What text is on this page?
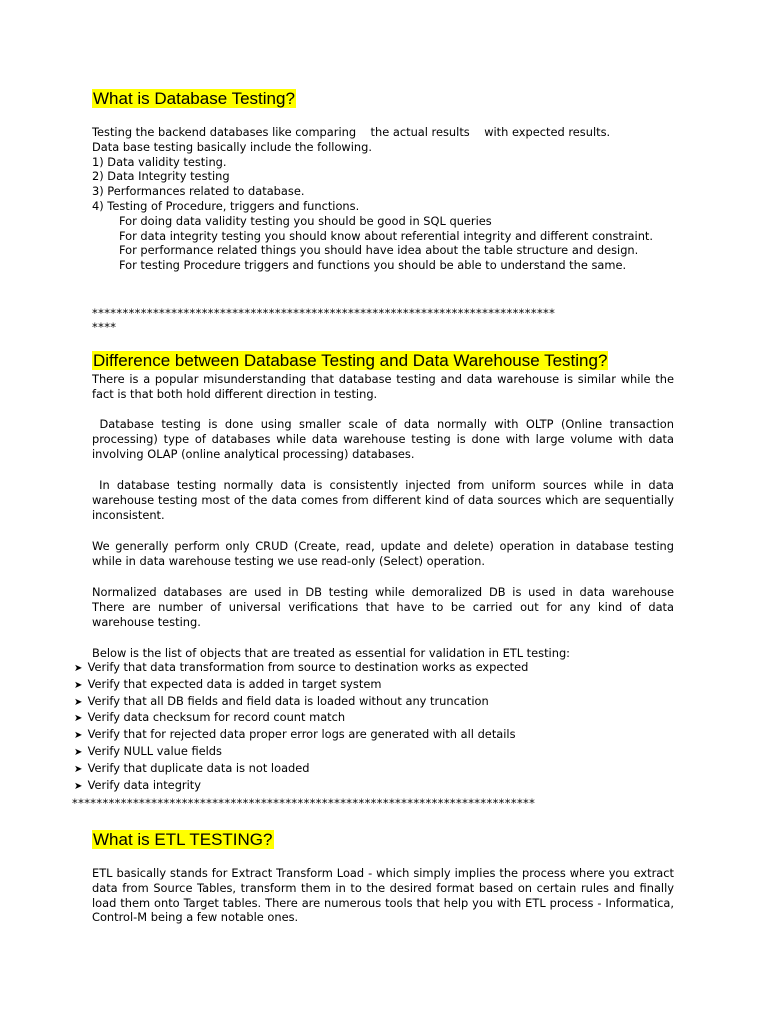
What is Database Testing?
Testing the backend databases like comparing    the actual results    with expected results.
Data base testing basically include the following.
1) Data validity testing.
2) Data Integrity testing
3) Performances related to database.
4) Testing of Procedure, triggers and functions.
For doing data validity testing you should be good in SQL queries
For data integrity testing you should know about referential integrity and different constraint.
For performance related things you should have idea about the table structure and design.
For testing Procedure triggers and functions you should be able to understand the same.
****************************************************************************
****
Difference between Database Testing and Data Warehouse Testing?
There is a popular misunderstanding that database testing and data warehouse is similar while the
fact is that both hold different direction in testing.
Database testing is done using smaller scale of data normally with OLTP (Online transaction
processing) type of databases while data warehouse testing is done with large volume with data
involving OLAP (online analytical processing) databases.
In database testing normally data is consistently injected from uniform sources while in data
warehouse testing most of the data comes from different kind of data sources which are sequentially
inconsistent.
We generally perform only CRUD (Create, read, update and delete) operation in database testing
while in data warehouse testing we use read-only (Select) operation.
Normalized databases are used in DB testing while demoralized DB is used in data warehouse
There are number of universal verifications that have to be carried out for any kind of data
warehouse testing.
Below is the list of objects that are treated as essential for validation in ETL testing:
➤ Verify that data transformation from source to destination works as expected
➤ Verify that expected data is added in target system
➤ Verify that all DB fields and field data is loaded without any truncation
➤ Verify data checksum for record count match
➤ Verify that for rejected data proper error logs are generated with all details
➤ Verify NULL value fields
➤ Verify that duplicate data is not loaded
➤ Verify data integrity
****************************************************************************
What is ETL TESTING?
ETL basically stands for Extract Transform Load - which simply implies the process where you extract
data from Source Tables, transform them in to the desired format based on certain rules and finally
load them onto Target tables. There are numerous tools that help you with ETL process - Informatica,
Control-M being a few notable ones.
